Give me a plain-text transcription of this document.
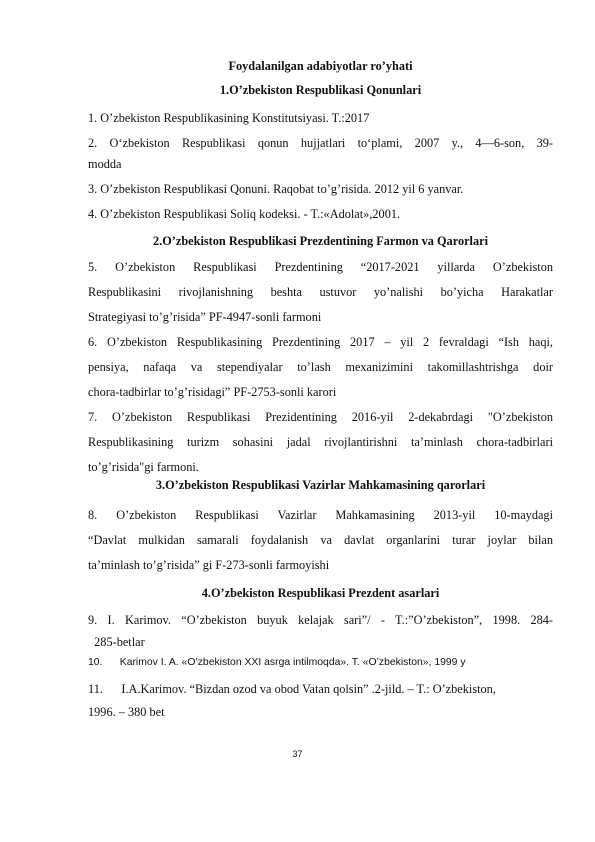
Foydalanilgan adabiyotlar ro’yhati
1.O’zbekiston Respublikasi Qonunlari
1. O’zbekiston Respublikasining Konstitutsiyasi. T.:2017
2. O‘zbekiston Respublikasi qonun hujjatlari to‘plami, 2007 y., 4—6-son, 39-
modda
3. O’zbekiston Respublikasi Qonuni. Raqobat to’g’risida. 2012 yil 6 yanvar.
4. O’zbekiston Respublikasi Soliq kodeksi. - T.:«Adolat»,2001.
2.O’zbekiston Respublikasi Prezdentining Farmon va Qarorlari
5. O’zbekiston Respublikasi Prezdentining “2017-2021 yillarda O’zbekiston
Respublikasini rivojlanishning beshta ustuvor yo’nalishi bo’yicha Harakatlar
Strategiyasi to’g’risida” PF-4947-sonli farmoni
6. O’zbekiston Respublikasining Prezdentining 2017 – yil 2 fevraldagi “Ish haqi,
pensiya, nafaqa va stependiyalar to’lash mexanizimini takomillashtrishga doir
chora-tadbirlar to’g’risidagi” PF-2753-sonli karori
7. O’zbekiston Respublikasi Prezidentining 2016-yil 2-dekabrdagi "O’zbekiston
Respublikasining turizm sohasini jadal rivojlantirishni ta’minlash chora-tadbirlari
to’g’risida"gi farmoni.
3.O’zbekiston Respublikasi Vazirlar Mahkamasining qarorlari
8. O’zbekiston Respublikasi Vazirlar Mahkamasining 2013-yil 10-maydagi
“Davlat mulkidan samarali foydalanish va davlat organlarini turar joylar bilan
ta’minlash to’g’risida” gi F-273-sonli farmoyishi
4.O’zbekiston Respublikasi Prezdent asarlari
9. I. Karimov. “O’zbekiston buyuk kelajak sari”/ - T.:”O’zbekiston”, 1998. 284-
285-betlar
10.      Karimov I. A. «O’zbekiston XXI asrga intilmoqda». T. «O’zbekiston», 1999 y
11.      I.A.Karimov. “Bizdan ozod va obod Vatan qolsin” .2-jild. – T.: O’zbekiston,
1996. – 380 bet
37
